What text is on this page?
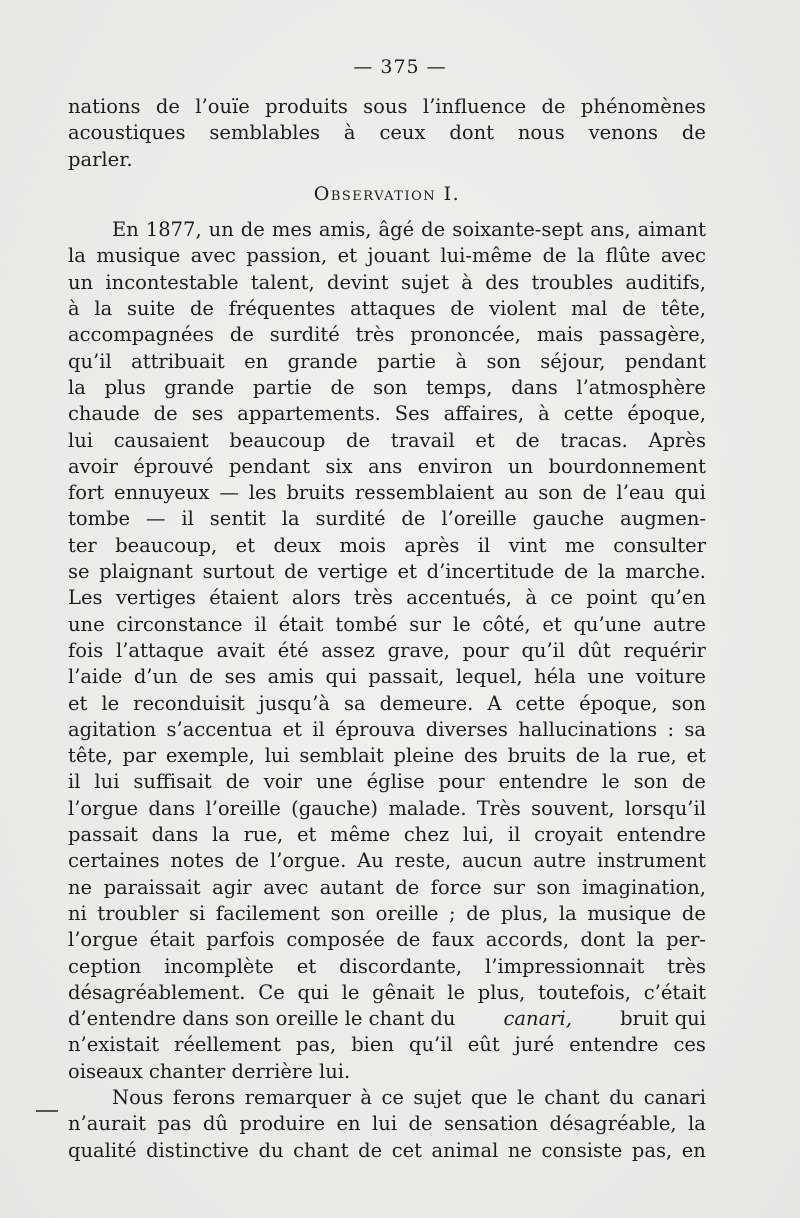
— 375 —
nations de l’ouïe produits sous l’influence de phénomènes
acoustiques semblables à ceux dont nous venons de
parler.
Observation I.
En 1877, un de mes amis, âgé de soixante-sept ans, aimant
la musique avec passion, et jouant lui-même de la flûte avec
un incontestable talent, devint sujet à des troubles auditifs,
à la suite de fréquentes attaques de violent mal de tête,
accompagnées de surdité très prononcée, mais passagère,
qu’il attribuait en grande partie à son séjour, pendant
la plus grande partie de son temps, dans l’atmosphère
chaude de ses appartements. Ses affaires, à cette époque,
lui causaient beaucoup de travail et de tracas. Après
avoir éprouvé pendant six ans environ un bourdonnement
fort ennuyeux — les bruits ressemblaient au son de l’eau qui
tombe — il sentit la surdité de l’oreille gauche augmen-
ter beaucoup, et deux mois après il vint me consulter
se plaignant surtout de vertige et d’incertitude de la marche.
Les vertiges étaient alors très accentués, à ce point qu’en
une circonstance il était tombé sur le côté, et qu’une autre
fois l’attaque avait été assez grave, pour qu’il dût requérir
l’aide d’un de ses amis qui passait, lequel, héla une voiture
et le reconduisit jusqu’à sa demeure. A cette époque, son
agitation s’accentua et il éprouva diverses hallucinations : sa
tête, par exemple, lui semblait pleine des bruits de la rue, et
il lui suffisait de voir une église pour entendre le son de
l’orgue dans l’oreille (gauche) malade. Très souvent, lorsqu’il
passait dans la rue, et même chez lui, il croyait entendre
certaines notes de l’orgue. Au reste, aucun autre instrument
ne paraissait agir avec autant de force sur son imagination,
ni troubler si facilement son oreille ; de plus, la musique de
l’orgue était parfois composée de faux accords, dont la per-
ception incomplète et discordante, l’impressionnait très
désagréablement. Ce qui le gênait le plus, toutefois, c’était
d’entendre dans son oreille le chant du canari, bruit qui
n’existait réellement pas, bien qu’il eût juré entendre ces
oiseaux chanter derrière lui.
Nous ferons remarquer à ce sujet que le chant du canari
n’aurait pas dû produire en lui de sensation désagréable, la
qualité distinctive du chant de cet animal ne consiste pas, en
